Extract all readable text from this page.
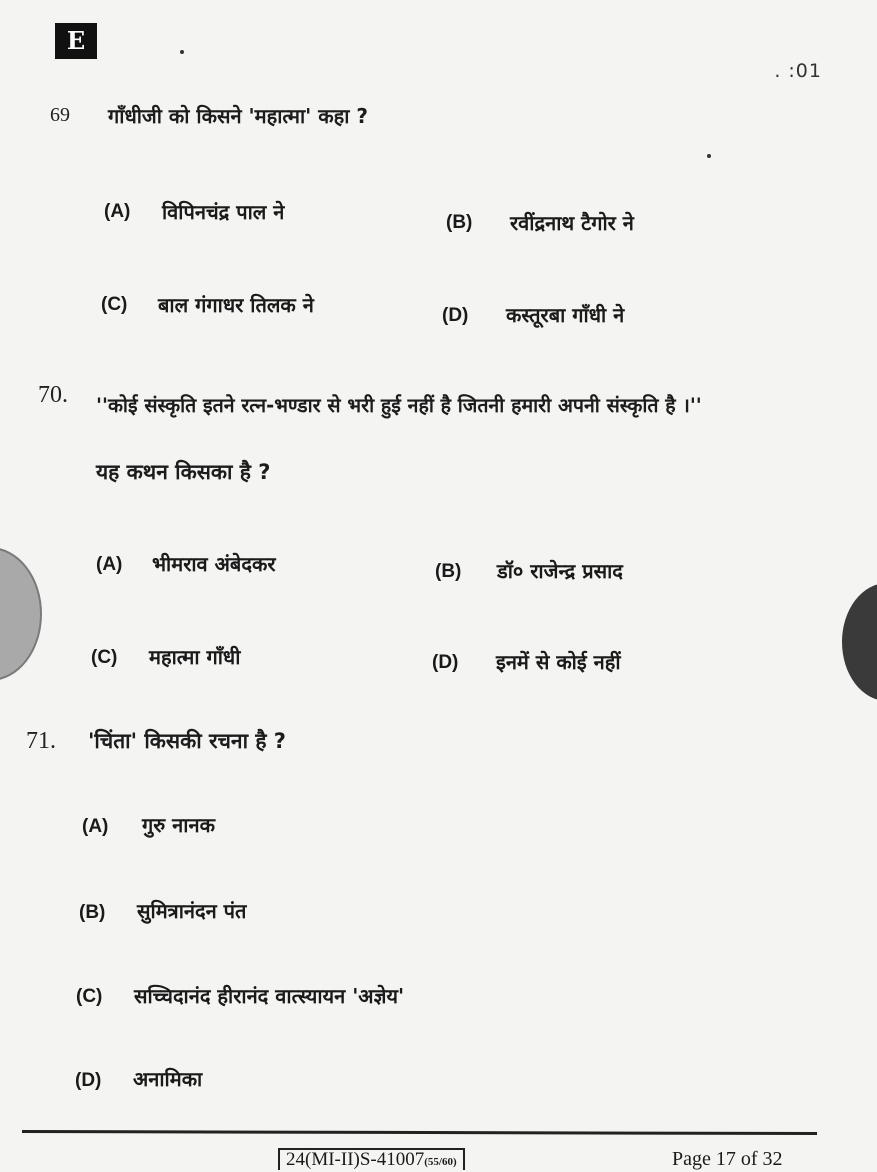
E
. :01
69 गाँधीजी को किसने 'महात्मा' कहा ?
(A) विपिनचंद्र पाल ने	(B) रवींद्रनाथ टैगोर ने
(C) बाल गंगाधर तिलक ने	(D) कस्तूरबा गाँधी ने
70. ''कोई संस्कृति इतने रत्न-भण्डार से भरी हुई नहीं है जितनी हमारी अपनी संस्कृति है ।''
यह कथन किसका है ?
(A) भीमराव अंबेदकर	(B) डॉ० राजेन्द्र प्रसाद
(C) महात्मा गाँधी	(D) इनमें से कोई नहीं
71. 'चिंता' किसकी रचना है ?
(A) गुरु नानक
(B) सुमित्रानंदन पंत
(C) सच्चिदानंद हीरानंद वात्स्यायन 'अज्ञेय'
(D) अनामिका
24(MI-II)S-41007(55/60)	Page 17 of 32
